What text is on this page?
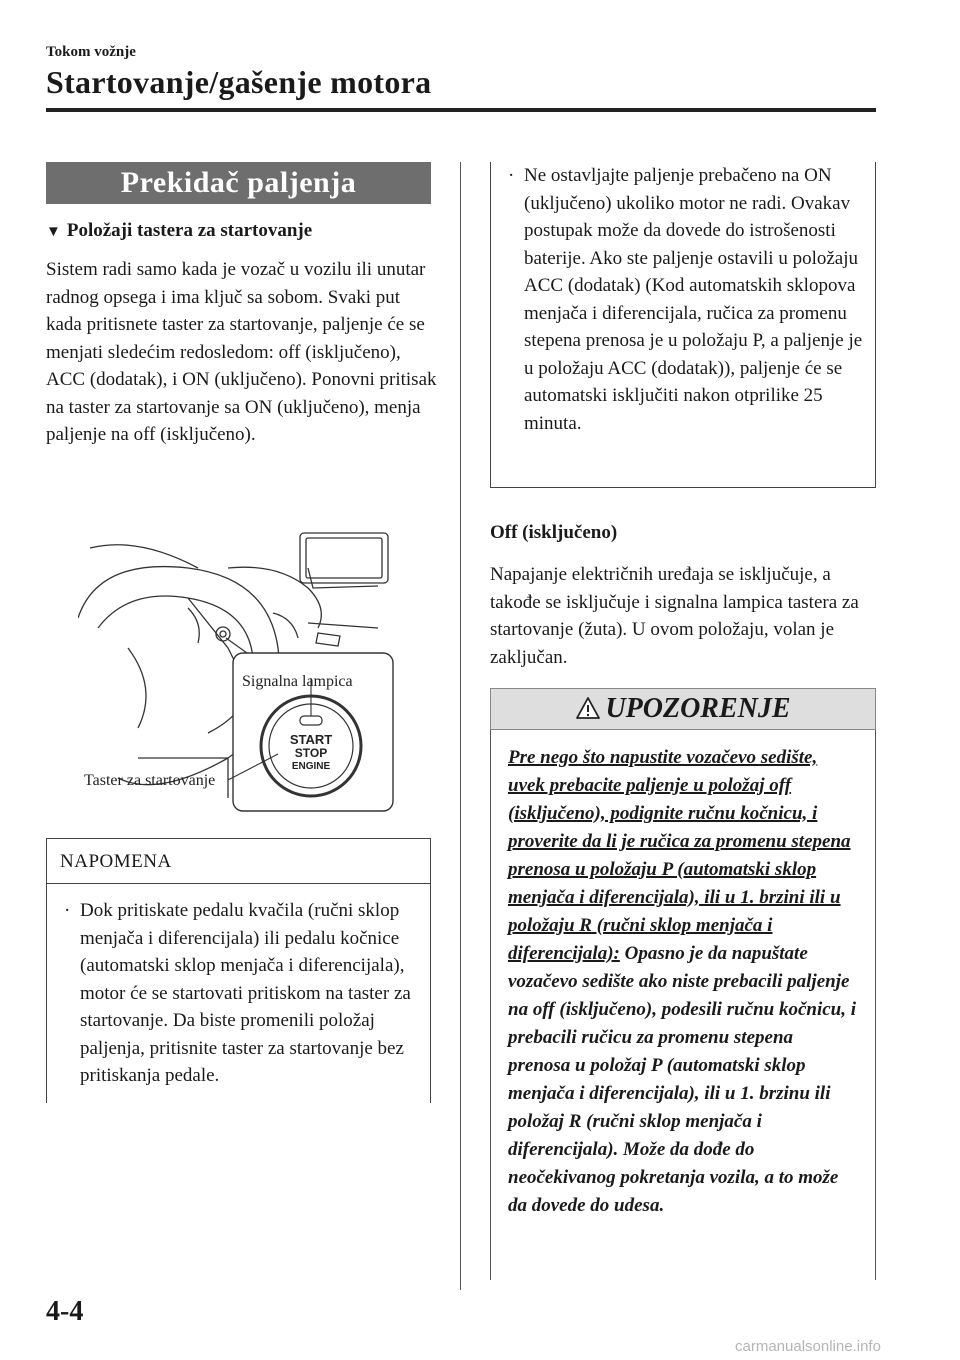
Tokom vožnje
Startovanje/gašenje motora
Prekidač paljenja
▼ Položaji tastera za startovanje

Sistem radi samo kada je vozač u vozilu ili unutar radnog opsega i ima ključ sa sobom. Svaki put kada pritisnete taster za startovanje, paljenje će se menjati sledećim redosledom: off (isključeno), ACC (dodatak), i ON (uključeno). Ponovni pritisak na taster za startovanje sa ON (uključeno), menja paljenje na off (isključeno).

START
STOP
ENGINE
Signalna lampica
Taster za startovanje
NAPOMENA
· Dok pritiskate pedalu kvačila (ručni sklop menjača i diferencijala) ili pedalu kočnice (automatski sklop menjača i diferencijala), motor će se startovati pritiskom na taster za startovanje. Da biste promenili položaj paljenja, pritisnite taster za startovanje bez pritiskanja pedale.
· Ne ostavljajte paljenje prebačeno na ON (uključeno) ukoliko motor ne radi. Ovakav postupak može da dovede do istrošenosti baterije. Ako ste paljenje ostavili u položaju ACC (dodatak) (Kod automatskih sklopova menjača i diferencijala, ručica za promenu stepena prenosa je u položaju P, a paljenje je u položaju ACC (dodatak)), paljenje će se automatski isključiti nakon otprilike 25 minuta.
Off (isključeno)

Napajanje električnih uređaja se isključuje, a takođe se isključuje i signalna lampica tastera za startovanje (žuta). U ovom položaju, volan je zaključan.

UPOZORENJE
Pre nego što napustite vozačevo sedište, uvek prebacite paljenje u položaj off (isključeno), podignite ručnu kočnicu, i proverite da li je ručica za promenu stepena prenosa u položaju P (automatski sklop menjača i diferencijala), ili u 1. brzini ili u položaju R (ručni sklop menjača i diferencijala): Opasno je da napuštate vozačevo sedište ako niste prebacili paljenje na off (isključeno), podesili ručnu kočnicu, i prebacili ručicu za promenu stepena prenosa u položaj P (automatski sklop menjača i diferencijala), ili u 1. brzinu ili položaj R (ručni sklop menjača i diferencijala). Može da dođe do neočekivanog pokretanja vozila, a to može da dovede do udesa.
4-4
carmanualsonline.info
